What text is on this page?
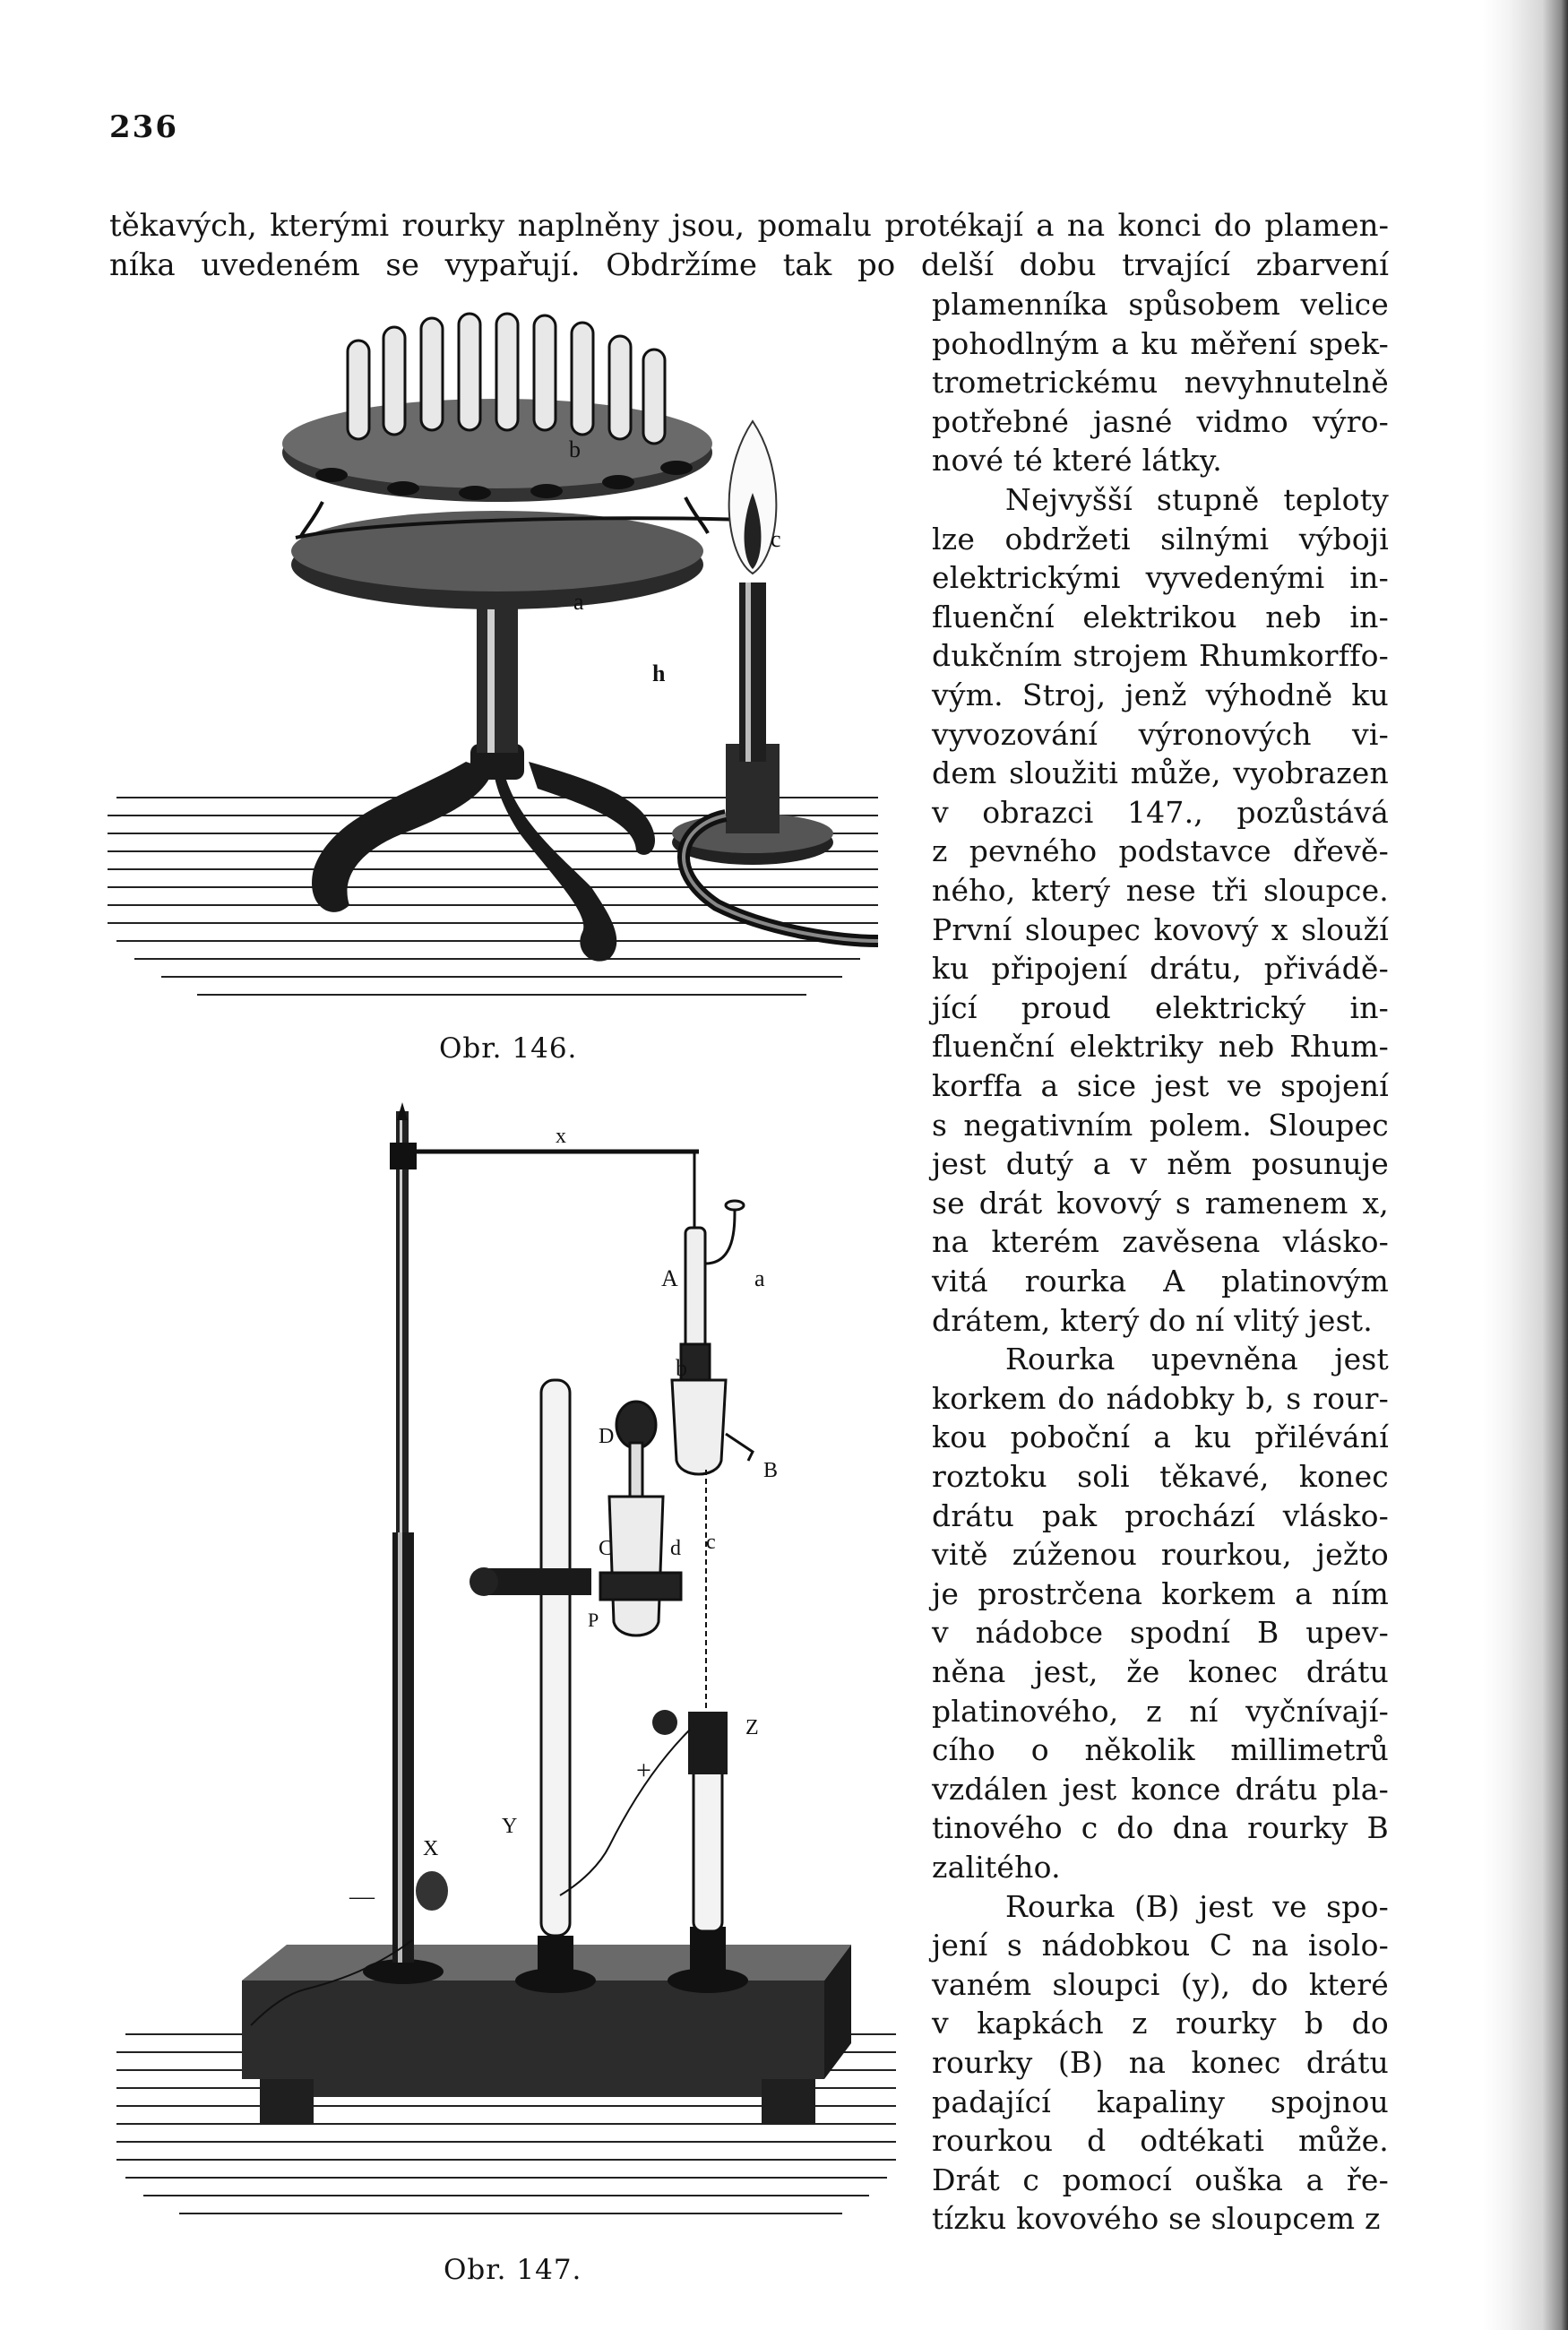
236
těkavých, kterými rourky naplněny jsou, pomalu protékají a na konci do plamen-
níka uvedeném se vypařují. Obdržíme tak po delší dobu trvající zbarvení
plamenníka spůsobem velice
pohodlným a ku měření spek-
trometrickému nevyhnutelně
potřebné jasné vidmo výro-
nové té které látky.
Nejvyšší stupně teploty
lze obdržeti silnými výboji
elektrickými vyvedenými in-
fluenční elektrikou neb in-
dukčním strojem Rhumkorffo-
vým. Stroj, jenž výhodně ku
vyvozování výronových vi-
dem sloužiti může, vyobrazen
v obrazci 147., pozůstává
z pevného podstavce dřevě-
ného, který nese tři sloupce.
První sloupec kovový x slouží
ku připojení drátu, přivádě-
jící proud elektrický in-
fluenční elektriky neb Rhum-
korffa a sice jest ve spojení
s negativním polem. Sloupec
jest dutý a v něm posunuje
se drát kovový s ramenem x,
na kterém zavěsena vlásko-
vitá rourka A platinovým
drátem, který do ní vlitý jest.
Rourka upevněna jest
korkem do nádobky b, s rour-
kou poboční a ku přilévání
roztoku soli těkavé, konec
drátu pak prochází vlásko-
vitě zúženou rourkou, ježto
je prostrčena korkem a ním
v nádobce spodní B upev-
něna jest, že konec drátu
platinového, z ní vyčnívají-
cího o několik millimetrů
vzdálen jest konce drátu pla-
tinového c do dna rourky B
zalitého.
Rourka (B) jest ve spo-
jení s nádobkou C na isolo-
vaném sloupci (y), do které
v kapkách z rourky b do
rourky (B) na konec drátu
padající kapaliny spojnou
rourkou d odtékati může.
Drát c pomocí ouška a ře-
tízku kovového se sloupcem z
b
a
c
h
Obr. 146.
x
A	a
b
D
B
C	d c
P
Z
+
Y
X
—
Obr. 147.
